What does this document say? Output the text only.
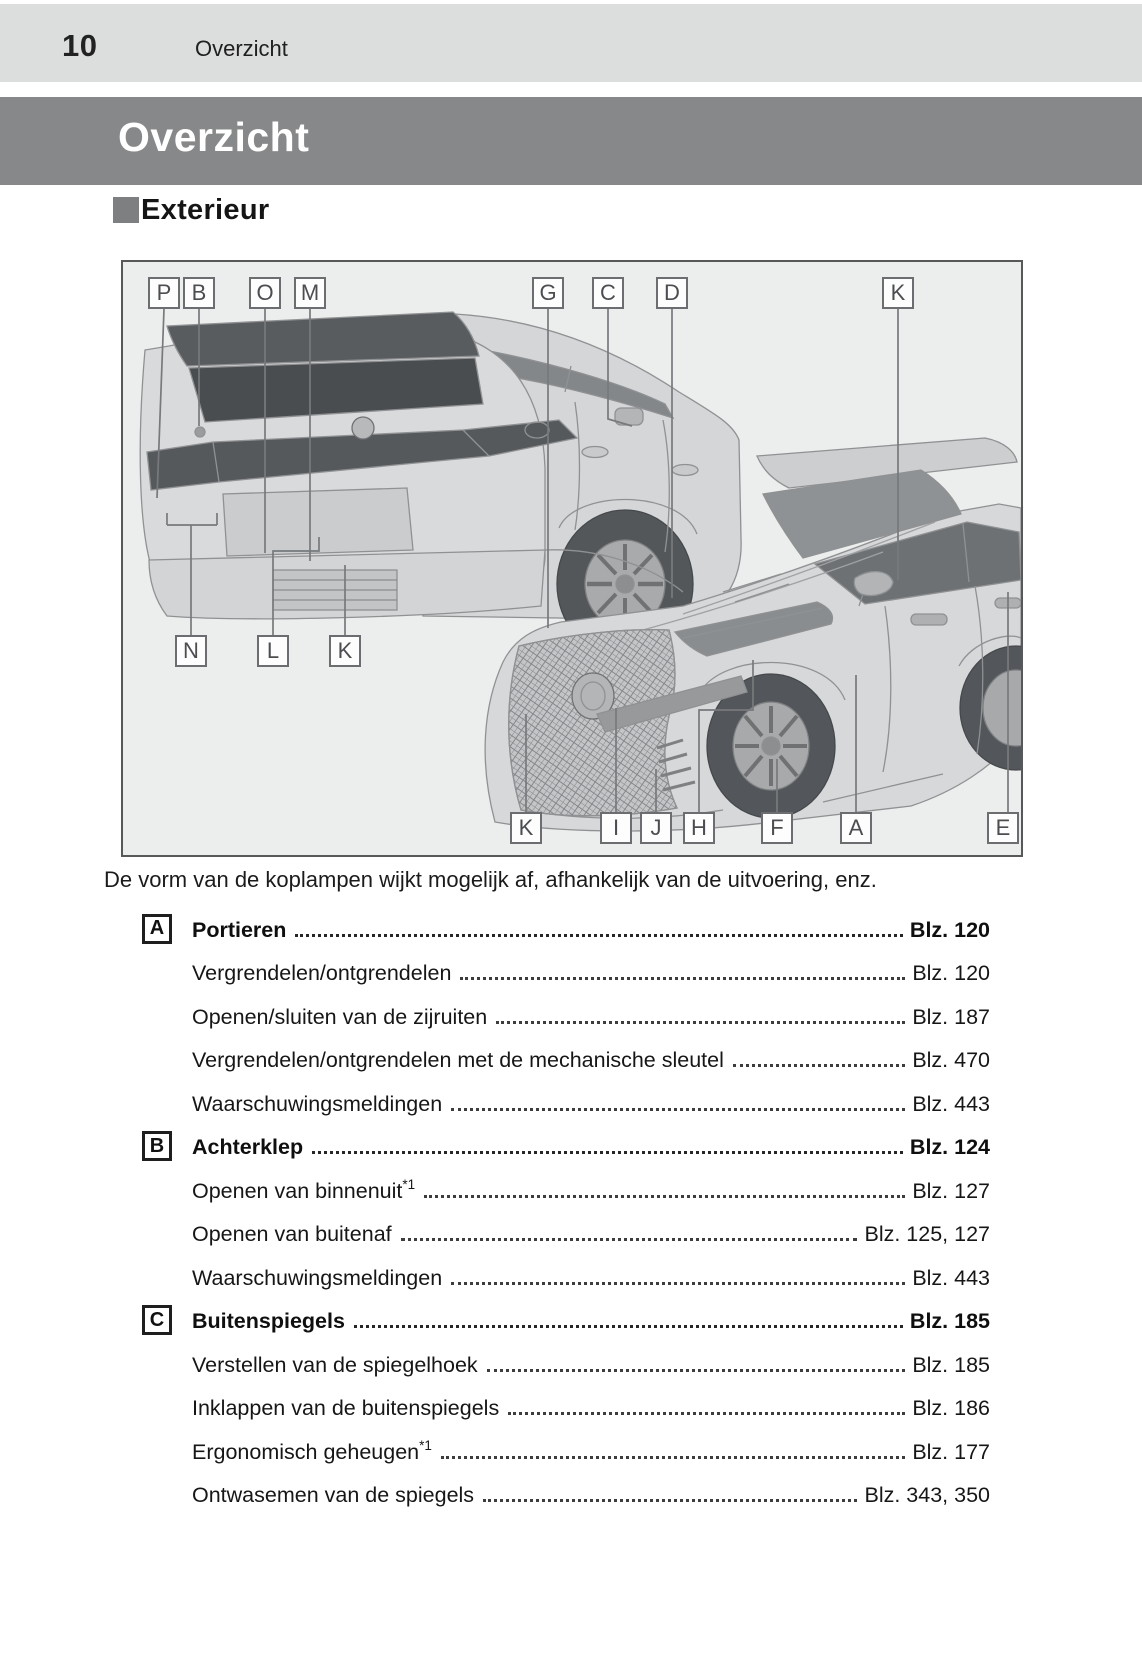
10	Overzicht
Overzicht
Exterieur
P B	O	M	G	C	D	K
N	L	K
K	I	J	H	F	A	E
De vorm van de koplampen wijkt mogelijk af, afhankelijk van de uitvoering, enz.
A	Portieren	Blz. 120
Vergrendelen/ontgrendelen	Blz. 120
Openen/sluiten van de zijruiten	Blz. 187
Vergrendelen/ontgrendelen met de mechanische sleutel	Blz. 470
Waarschuwingsmeldingen	Blz. 443
B	Achterklep	Blz. 124
Openen van binnenuit$^{*1}$	Blz. 127
Openen van buitenaf	Blz. 125, 127
Waarschuwingsmeldingen	Blz. 443
C	Buitenspiegels	Blz. 185
Verstellen van de spiegelhoek	Blz. 185
Inklappen van de buitenspiegels	Blz. 186
Ergonomisch geheugen$^{*1}$	Blz. 177
Ontwasemen van de spiegels	Blz. 343, 350
